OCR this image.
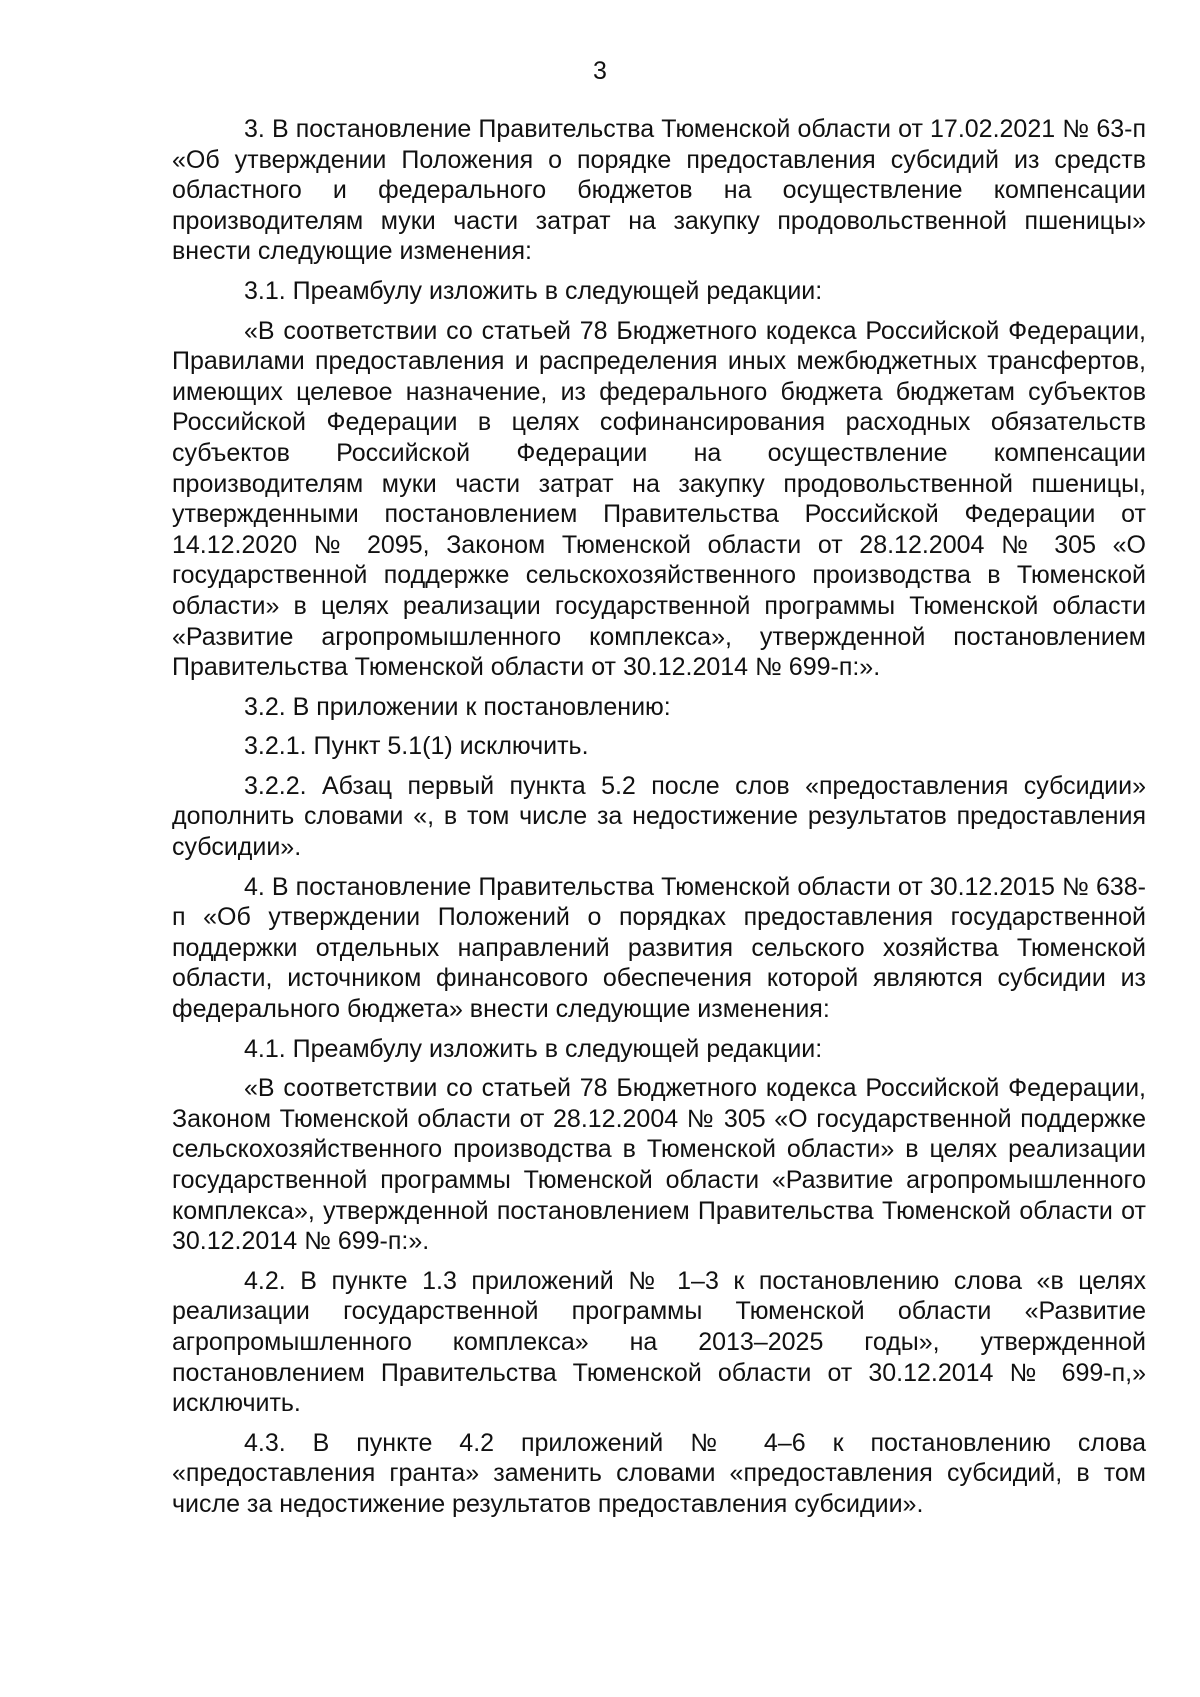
3

3. В постановление Правительства Тюменской области от 17.02.2021 № 63-п «Об утверждении Положения о порядке предоставления субсидий из средств областного и федерального бюджетов на осуществление компенсации производителям муки части затрат на закупку продовольственной пшеницы» внести следующие изменения:

3.1. Преамбулу изложить в следующей редакции:

«В соответствии со статьей 78 Бюджетного кодекса Российской Федерации, Правилами предоставления и распределения иных межбюджетных трансфертов, имеющих целевое назначение, из федерального бюджета бюджетам субъектов Российской Федерации в целях софинансирования расходных обязательств субъектов Российской Федерации на осуществление компенсации производителям муки части затрат на закупку продовольственной пшеницы, утвержденными постановлением Правительства Российской Федерации от 14.12.2020 № 2095, Законом Тюменской области от 28.12.2004 № 305 «О государственной поддержке сельскохозяйственного производства в Тюменской области» в целях реализации государственной программы Тюменской области «Развитие агропромышленного комплекса», утвержденной постановлением Правительства Тюменской области от 30.12.2014 № 699-п:».

3.2. В приложении к постановлению:

3.2.1. Пункт 5.1(1) исключить.

3.2.2. Абзац первый пункта 5.2 после слов «предоставления субсидии» дополнить словами «, в том числе за недостижение результатов предоставления субсидии».

4. В постановление Правительства Тюменской области от 30.12.2015 № 638-п «Об утверждении Положений о порядках предоставления государственной поддержки отдельных направлений развития сельского хозяйства Тюменской области, источником финансового обеспечения которой являются субсидии из федерального бюджета» внести следующие изменения:

4.1. Преамбулу изложить в следующей редакции:

«В соответствии со статьей 78 Бюджетного кодекса Российской Федерации, Законом Тюменской области от 28.12.2004 № 305 «О государственной поддержке сельскохозяйственного производства в Тюменской области» в целях реализации государственной программы Тюменской области «Развитие агропромышленного комплекса», утвержденной постановлением Правительства Тюменской области от 30.12.2014 № 699-п:».

4.2. В пункте 1.3 приложений № 1–3 к постановлению слова «в целях реализации государственной программы Тюменской области «Развитие агропромышленного комплекса» на 2013–2025 годы», утвержденной постановлением Правительства Тюменской области от 30.12.2014 № 699-п,» исключить.

4.3. В пункте 4.2 приложений № 4–6 к постановлению слова «предоставления гранта» заменить словами «предоставления субсидий, в том числе за недостижение результатов предоставления субсидии».
